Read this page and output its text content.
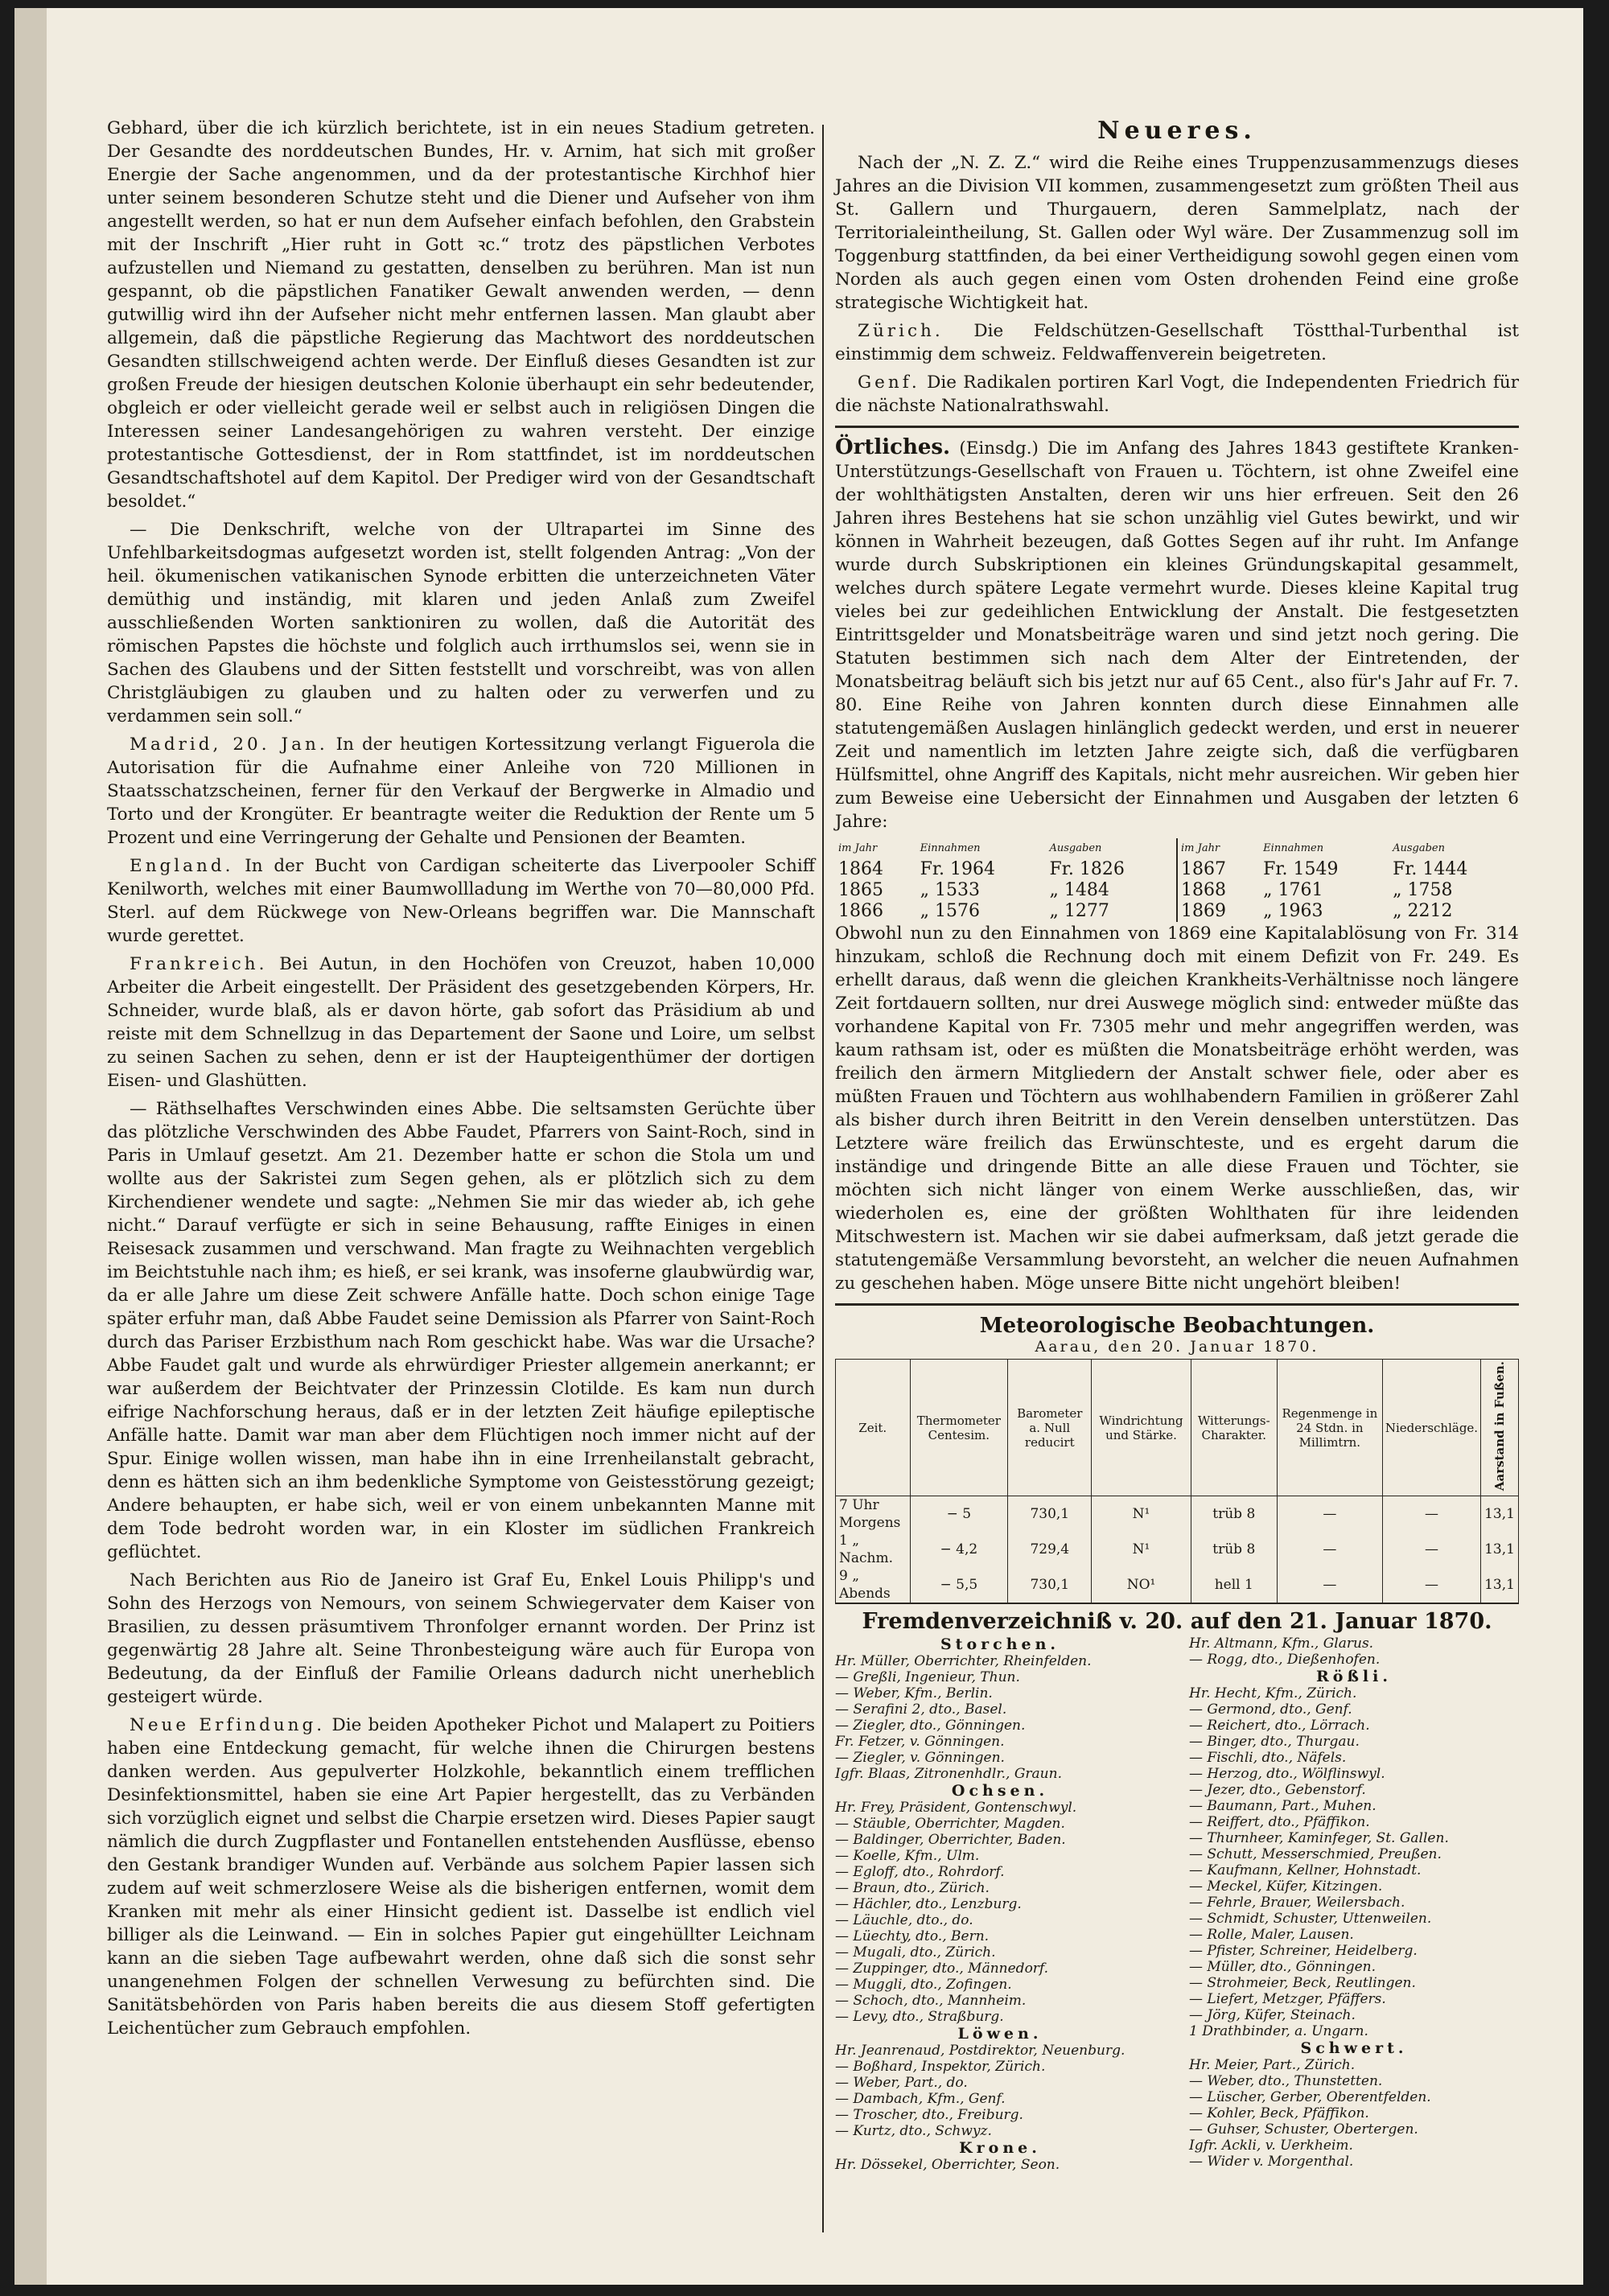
Gebhard, über die ich kürzlich berichtete, ist in ein neues Stadium getreten. Der Gesandte des norddeutschen Bundes, Hr. v. Arnim, hat sich mit großer Energie der Sache angenommen, und da der protestantische Kirchhof hier unter seinem besonderen Schutze steht und die Diener und Aufseher von ihm angestellt werden, so hat er nun dem Aufseher einfach befohlen, den Grabstein mit der Inschrift „Hier ruht in Gott ꝛc.“ trotz des päpstlichen Verbotes aufzustellen und Niemand zu gestatten, denselben zu berühren. Man ist nun gespannt, ob die päpstlichen Fanatiker Gewalt anwenden werden, — denn gutwillig wird ihn der Aufseher nicht mehr entfernen lassen. Man glaubt aber allgemein, daß die päpstliche Regierung das Machtwort des norddeutschen Gesandten stillschweigend achten werde. Der Einfluß dieses Gesandten ist zur großen Freude der hiesigen deutschen Kolonie überhaupt ein sehr bedeutender, obgleich er oder vielleicht gerade weil er selbst auch in religiösen Dingen die Interessen seiner Landesangehörigen zu wahren versteht. Der einzige protestantische Gottesdienst, der in Rom stattfindet, ist im norddeutschen Gesandtschaftshotel auf dem Kapitol. Der Prediger wird von der Gesandtschaft besoldet.“

— Die Denkschrift, welche von der Ultrapartei im Sinne des Unfehlbarkeitsdogmas aufgesetzt worden ist, stellt folgenden Antrag: „Von der heil. ökumenischen vatikanischen Synode erbitten die unterzeichneten Väter demüthig und inständig, mit klaren und jeden Anlaß zum Zweifel ausschließenden Worten sanktioniren zu wollen, daß die Autorität des römischen Papstes die höchste und folglich auch irrthumslos sei, wenn sie in Sachen des Glaubens und der Sitten feststellt und vorschreibt, was von allen Christgläubigen zu glauben und zu halten oder zu verwerfen und zu verdammen sein soll.“

Madrid, 20. Jan. In der heutigen Kortessitzung verlangt Figuerola die Autorisation für die Aufnahme einer Anleihe von 720 Millionen in Staatsschatzscheinen, ferner für den Verkauf der Bergwerke in Almadio und Torto und der Krongüter. Er beantragte weiter die Reduktion der Rente um 5 Prozent und eine Verringerung der Gehalte und Pensionen der Beamten.

England. In der Bucht von Cardigan scheiterte das Liverpooler Schiff Kenilworth, welches mit einer Baumwollladung im Werthe von 70—80,000 Pfd. Sterl. auf dem Rückwege von New-Orleans begriffen war. Die Mannschaft wurde gerettet.

Frankreich. Bei Autun, in den Hochöfen von Creuzot, haben 10,000 Arbeiter die Arbeit eingestellt. Der Präsident des gesetzgebenden Körpers, Hr. Schneider, wurde blaß, als er davon hörte, gab sofort das Präsidium ab und reiste mit dem Schnellzug in das Departement der Saone und Loire, um selbst zu seinen Sachen zu sehen, denn er ist der Haupteigenthümer der dortigen Eisen- und Glashütten.

— Räthselhaftes Verschwinden eines Abbe. Die seltsamsten Gerüchte über das plötzliche Verschwinden des Abbe Faudet, Pfarrers von Saint-Roch, sind in Paris in Umlauf gesetzt. Am 21. Dezember hatte er schon die Stola um und wollte aus der Sakristei zum Segen gehen, als er plötzlich sich zu dem Kirchendiener wendete und sagte: „Nehmen Sie mir das wieder ab, ich gehe nicht.“ Darauf verfügte er sich in seine Behausung, raffte Einiges in einen Reisesack zusammen und verschwand. Man fragte zu Weihnachten vergeblich im Beichtstuhle nach ihm; es hieß, er sei krank, was insoferne glaubwürdig war, da er alle Jahre um diese Zeit schwere Anfälle hatte. Doch schon einige Tage später erfuhr man, daß Abbe Faudet seine Demission als Pfarrer von Saint-Roch durch das Pariser Erzbisthum nach Rom geschickt habe. Was war die Ursache? Abbe Faudet galt und wurde als ehrwürdiger Priester allgemein anerkannt; er war außerdem der Beichtvater der Prinzessin Clotilde. Es kam nun durch eifrige Nachforschung heraus, daß er in der letzten Zeit häufige epileptische Anfälle hatte. Damit war man aber dem Flüchtigen noch immer nicht auf der Spur. Einige wollen wissen, man habe ihn in eine Irrenheilanstalt gebracht, denn es hätten sich an ihm bedenkliche Symptome von Geistesstörung gezeigt; Andere behaupten, er habe sich, weil er von einem unbekannten Manne mit dem Tode bedroht worden war, in ein Kloster im südlichen Frankreich geflüchtet.

Nach Berichten aus Rio de Janeiro ist Graf Eu, Enkel Louis Philipp's und Sohn des Herzogs von Nemours, von seinem Schwiegervater dem Kaiser von Brasilien, zu dessen präsumtivem Thronfolger ernannt worden. Der Prinz ist gegenwärtig 28 Jahre alt. Seine Thronbesteigung wäre auch für Europa von Bedeutung, da der Einfluß der Familie Orleans dadurch nicht unerheblich gesteigert würde.

Neue Erfindung. Die beiden Apotheker Pichot und Malapert zu Poitiers haben eine Entdeckung gemacht, für welche ihnen die Chirurgen bestens danken werden. Aus gepulverter Holzkohle, bekanntlich einem trefflichen Desinfektionsmittel, haben sie eine Art Papier hergestellt, das zu Verbänden sich vorzüglich eignet und selbst die Charpie ersetzen wird. Dieses Papier saugt nämlich die durch Zugpflaster und Fontanellen entstehenden Ausflüsse, ebenso den Gestank brandiger Wunden auf. Verbände aus solchem Papier lassen sich zudem auf weit schmerzlosere Weise als die bisherigen entfernen, womit dem Kranken mit mehr als einer Hinsicht gedient ist. Dasselbe ist endlich viel billiger als die Leinwand. — Ein in solches Papier gut eingehüllter Leichnam kann an die sieben Tage aufbewahrt werden, ohne daß sich die sonst sehr unangenehmen Folgen der schnellen Verwesung zu befürchten sind. Die Sanitätsbehörden von Paris haben bereits die aus diesem Stoff gefertigten Leichentücher zum Gebrauch empfohlen.

Neueres.

Nach der „N. Z. Z.“ wird die Reihe eines Truppenzusammenzugs dieses Jahres an die Division VII kommen, zusammengesetzt zum größten Theil aus St. Gallern und Thurgauern, deren Sammelplatz, nach der Territorialeintheilung, St. Gallen oder Wyl wäre. Der Zusammenzug soll im Toggenburg stattfinden, da bei einer Vertheidigung sowohl gegen einen vom Norden als auch gegen einen vom Osten drohenden Feind eine große strategische Wichtigkeit hat.

Zürich. Die Feldschützen-Gesellschaft Töstthal-Turbenthal ist einstimmig dem schweiz. Feldwaffenverein beigetreten.

Genf. Die Radikalen portiren Karl Vogt, die Independenten Friedrich für die nächste Nationalrathswahl.

Örtliches. (Einsdg.) Die im Anfang des Jahres 1843 gestiftete Kranken-Unterstützungs-Gesellschaft von Frauen u. Töchtern, ist ohne Zweifel eine der wohlthätigsten Anstalten, deren wir uns hier erfreuen. Seit den 26 Jahren ihres Bestehens hat sie schon unzählig viel Gutes bewirkt, und wir können in Wahrheit bezeugen, daß Gottes Segen auf ihr ruht. Im Anfange wurde durch Subskriptionen ein kleines Gründungskapital gesammelt, welches durch spätere Legate vermehrt wurde. Dieses kleine Kapital trug vieles bei zur gedeihlichen Entwicklung der Anstalt. Die festgesetzten Eintrittsgelder und Monatsbeiträge waren und sind jetzt noch gering. Die Statuten bestimmen sich nach dem Alter der Eintretenden, der Monatsbeitrag beläuft sich bis jetzt nur auf 65 Cent., also für's Jahr auf Fr. 7. 80. Eine Reihe von Jahren konnten durch diese Einnahmen alle statutengemäßen Auslagen hinlänglich gedeckt werden, und erst in neuerer Zeit und namentlich im letzten Jahre zeigte sich, daß die verfügbaren Hülfsmittel, ohne Angriff des Kapitals, nicht mehr ausreichen. Wir geben hier zum Beweise eine Uebersicht der Einnahmen und Ausgaben der letzten 6 Jahre:

im Jahr	Einnahmen	Ausgaben	im Jahr	Einnahmen	Ausgaben
1864	Fr. 1964	Fr. 1826	1867	Fr. 1549	Fr. 1444
1865	„ 1533	„ 1484	1868	„ 1761	„ 1758
1866	„ 1576	„ 1277	1869	„ 1963	„ 2212

Obwohl nun zu den Einnahmen von 1869 eine Kapitalablösung von Fr. 314 hinzukam, schloß die Rechnung doch mit einem Defizit von Fr. 249. Es erhellt daraus, daß wenn die gleichen Krankheits-Verhältnisse noch längere Zeit fortdauern sollten, nur drei Auswege möglich sind: entweder müßte das vorhandene Kapital von Fr. 7305 mehr und mehr angegriffen werden, was kaum rathsam ist, oder es müßten die Monatsbeiträge erhöht werden, was freilich den ärmern Mitgliedern der Anstalt schwer fiele, oder aber es müßten Frauen und Töchtern aus wohlhabendern Familien in größerer Zahl als bisher durch ihren Beitritt in den Verein denselben unterstützen. Das Letztere wäre freilich das Erwünschteste, und es ergeht darum die inständige und dringende Bitte an alle diese Frauen und Töchter, sie möchten sich nicht länger von einem Werke ausschließen, das, wir wiederholen es, eine der größten Wohlthaten für ihre leidenden Mitschwestern ist. Machen wir sie dabei aufmerksam, daß jetzt gerade die statutengemäße Versammlung bevorsteht, an welcher die neuen Aufnahmen zu geschehen haben. Möge unsere Bitte nicht ungehört bleiben!

Meteorologische Beobachtungen.
Aarau, den 20. Januar 1870.
Zeit.	Thermometer Centesim.	Barometer a. Null reducirt	Windrichtung und Stärke.	Witterungs-Charakter.	Regenmenge in 24 Stdn. in Millimtrn.	Niederschläge.	Aarstand in Fußen.
7 Uhr Morgens	− 5	730,1	N¹	trüb 8	—	—	13,1
1 „ Nachm.	− 4,2	729,4	N¹	trüb 8	—	—	13,1
9 „ Abends	− 5,5	730,1	NO¹	hell 1	—	—	13,1
Fremdenverzeichniß v. 20. auf den 21. Januar 1870.
Storchen.
Hr. Müller, Oberrichter, Rheinfelden.
— Greßli, Ingenieur, Thun.
— Weber, Kfm., Berlin.
— Serafini 2, dto., Basel.
— Ziegler, dto., Gönningen.
Fr. Fetzer, v. Gönningen.
— Ziegler, v. Gönningen.
Igfr. Blaas, Zitronenhdlr., Graun.
Ochsen.
Hr. Frey, Präsident, Gontenschwyl.
— Stäuble, Oberrichter, Magden.
— Baldinger, Oberrichter, Baden.
— Koelle, Kfm., Ulm.
— Egloff, dto., Rohrdorf.
— Braun, dto., Zürich.
— Hächler, dto., Lenzburg.
— Läuchle, dto., do.
— Lüechty, dto., Bern.
— Mugali, dto., Zürich.
— Zuppinger, dto., Männedorf.
— Muggli, dto., Zofingen.
— Schoch, dto., Mannheim.
— Levy, dto., Straßburg.
Löwen.
Hr. Jeanrenaud, Postdirektor, Neuenburg.
— Boßhard, Inspektor, Zürich.
— Weber, Part., do.
— Dambach, Kfm., Genf.
— Troscher, dto., Freiburg.
— Kurtz, dto., Schwyz.
Krone.
Hr. Dössekel, Oberrichter, Seon.
Hr. Altmann, Kfm., Glarus.
— Rogg, dto., Dießenhofen.
Rößli.
Hr. Hecht, Kfm., Zürich.
— Germond, dto., Genf.
— Reichert, dto., Lörrach.
— Binger, dto., Thurgau.
— Fischli, dto., Näfels.
— Herzog, dto., Wölflinswyl.
— Jezer, dto., Gebenstorf.
— Baumann, Part., Muhen.
— Reiffert, dto., Pfäffikon.
— Thurnheer, Kaminfeger, St. Gallen.
— Schutt, Messerschmied, Preußen.
— Kaufmann, Kellner, Hohnstadt.
— Meckel, Küfer, Kitzingen.
— Fehrle, Brauer, Weilersbach.
— Schmidt, Schuster, Uttenweilen.
— Rolle, Maler, Lausen.
— Pfister, Schreiner, Heidelberg.
— Müller, dto., Gönningen.
— Strohmeier, Beck, Reutlingen.
— Liefert, Metzger, Pfäffers.
— Jörg, Küfer, Steinach.
1 Drathbinder, a. Ungarn.
Schwert.
Hr. Meier, Part., Zürich.
— Weber, dto., Thunstetten.
— Lüscher, Gerber, Oberentfelden.
— Kohler, Beck, Pfäffikon.
— Guhser, Schuster, Obertergen.
Igfr. Ackli, v. Uerkheim.
— Wider v. Morgenthal.
